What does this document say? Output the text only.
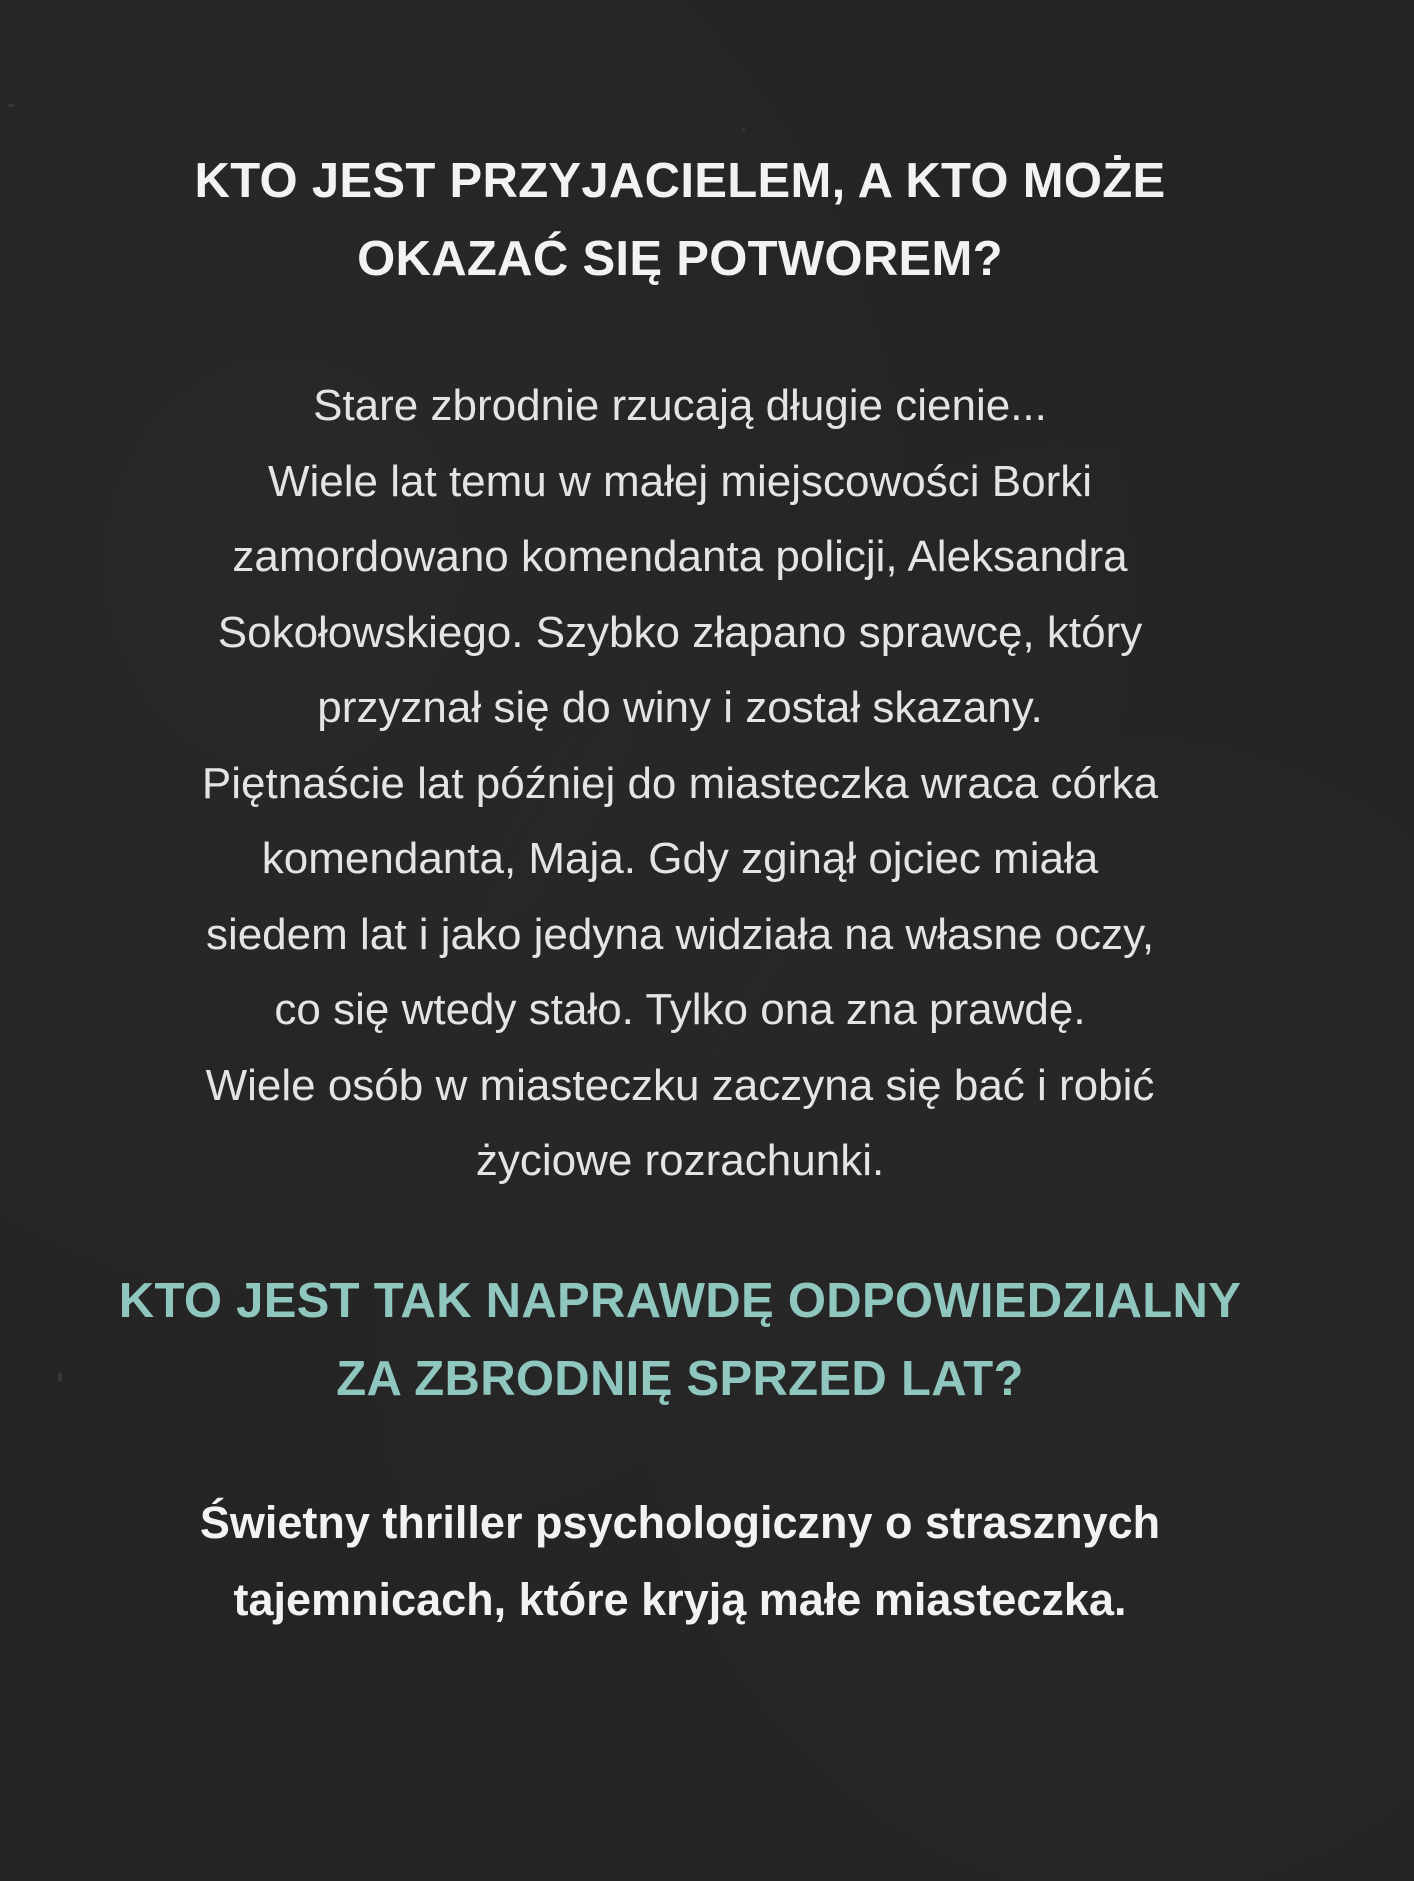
KTO JEST PRZYJACIELEM, A KTO MOŻE
OKAZAĆ SIĘ POTWOREM?
Stare zbrodnie rzucają długie cienie...
Wiele lat temu w małej miejscowości Borki
zamordowano komendanta policji, Aleksandra
Sokołowskiego. Szybko złapano sprawcę, który
przyznał się do winy i został skazany.
Piętnaście lat później do miasteczka wraca córka
komendanta, Maja. Gdy zginął ojciec miała
siedem lat i jako jedyna widziała na własne oczy,
co się wtedy stało. Tylko ona zna prawdę.
Wiele osób w miasteczku zaczyna się bać i robić
życiowe rozrachunki.
KTO JEST TAK NAPRAWDĘ ODPOWIEDZIALNY
ZA ZBRODNIĘ SPRZED LAT?
Świetny thriller psychologiczny o strasznych
tajemnicach, które kryją małe miasteczka.
